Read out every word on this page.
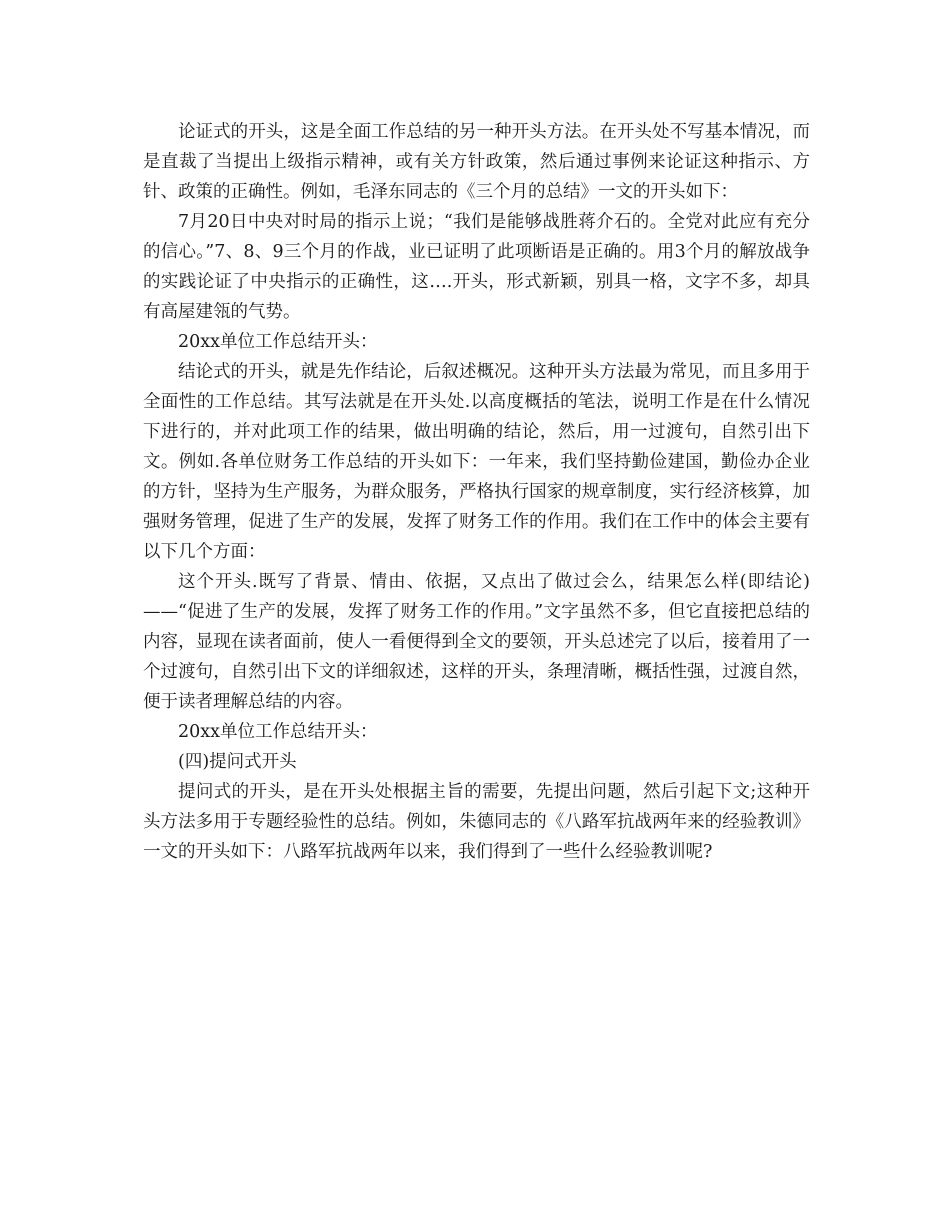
论证式的开头，这是全面工作总结的另一种开头方法。在开头处不写基本情况，而是直裁了当提出上级指示精神，或有关方针政策，然后通过事例来论证这种指示、方针、政策的正确性。例如，毛泽东同志的《三个月的总结》一文的开头如下：

7月20日中央对时局的指示上说；“我们是能够战胜蒋介石的。全党对此应有充分的信心。”7、8、9三个月的作战，业已证明了此项断语是正确的。用3个月的解放战争的实践论证了中央指示的正确性，这….开头，形式新颖，别具一格，文字不多，却具有高屋建瓴的气势。

20xx单位工作总结开头：

结论式的开头，就是先作结论，后叙述概况。这种开头方法最为常见，而且多用于全面性的工作总结。其写法就是在开头处.以高度概括的笔法，说明工作是在什么情况下进行的，并对此项工作的结果，做出明确的结论，然后，用一过渡句，自然引出下文。例如.各单位财务工作总结的开头如下：一年来，我们坚持勤俭建国，勤俭办企业的方针，坚持为生产服务，为群众服务，严格执行国家的规章制度，实行经济核算，加强财务管理，促进了生产的发展，发挥了财务工作的作用。我们在工作中的体会主要有以下几个方面：

这个开头.既写了背景、情由、依据，又点出了做过会么，结果怎么样(即结论)——“促进了生产的发展，发挥了财务工作的作用。”文字虽然不多，但它直接把总结的内容，显现在读者面前，使人一看便得到全文的要领，开头总述完了以后，接着用了一个过渡句，自然引出下文的详细叙述，这样的开头，条理清晰，概括性强，过渡自然，便于读者理解总结的内容。

20xx单位工作总结开头：

(四)提问式开头

提问式的开头，是在开头处根据主旨的需要，先提出问题，然后引起下文;这种开头方法多用于专题经验性的总结。例如，朱德同志的《八路军抗战两年来的经验教训》一文的开头如下：八路军抗战两年以来，我们得到了一些什么经验教训呢?
